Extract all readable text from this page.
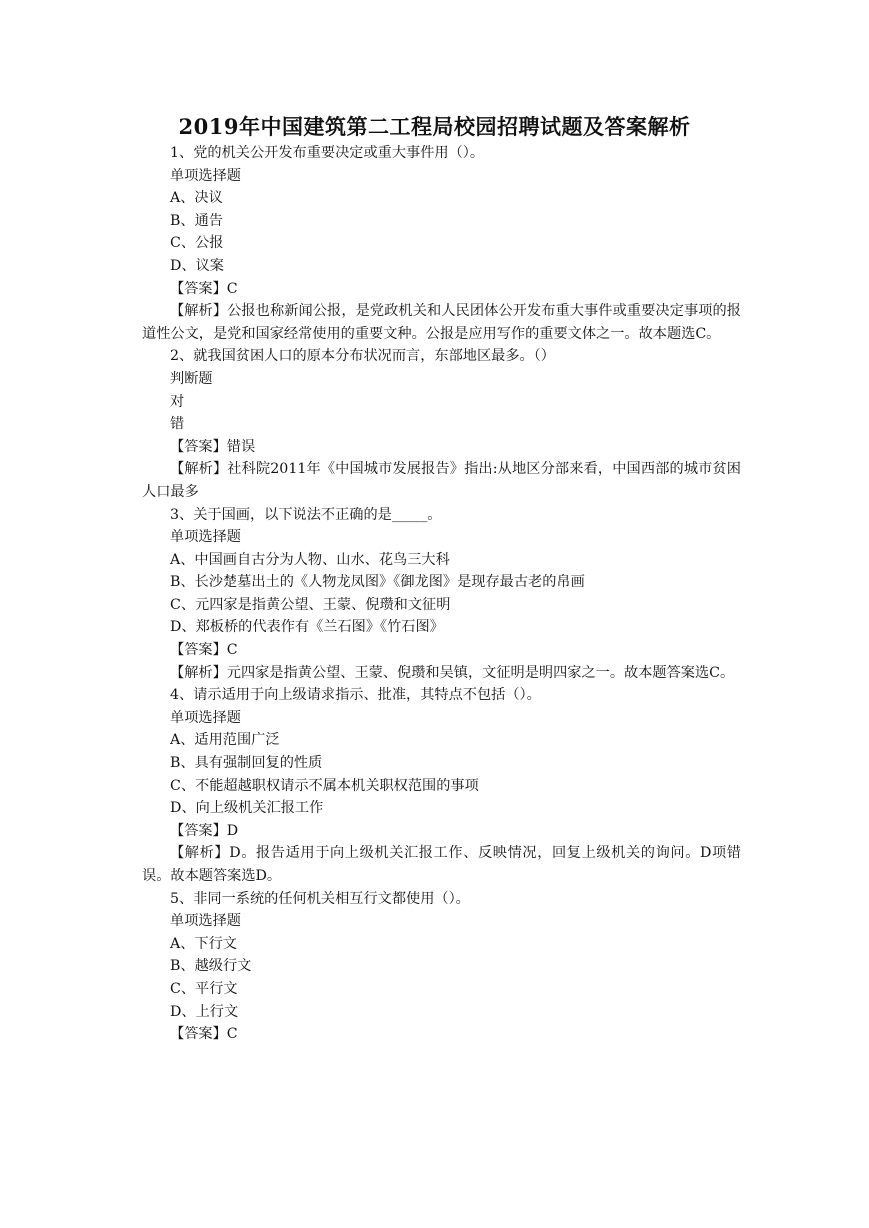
2019年中国建筑第二工程局校园招聘试题及答案解析

1、党的机关公开发布重要决定或重大事件用（）。

单项选择题

A、决议

B、通告

C、公报

D、议案

【答案】C

【解析】公报也称新闻公报，是党政机关和人民团体公开发布重大事件或重要决定事项的报道性公文，是党和国家经常使用的重要文种。公报是应用写作的重要文体之一。故本题选C。

2、就我国贫困人口的原本分布状况而言，东部地区最多。（）

判断题

对

错

【答案】错误

【解析】社科院2011年《中国城市发展报告》指出:从地区分部来看，中国西部的城市贫困人口最多

3、关于国画，以下说法不正确的是_____。

单项选择题

A、中国画自古分为人物、山水、花鸟三大科

B、长沙楚墓出土的《人物龙凤图》《御龙图》是现存最古老的帛画

C、元四家是指黄公望、王蒙、倪瓒和文征明

D、郑板桥的代表作有《兰石图》《竹石图》

【答案】C

【解析】元四家是指黄公望、王蒙、倪瓒和吴镇，文征明是明四家之一。故本题答案选C。

4、请示适用于向上级请求指示、批准，其特点不包括（）。

单项选择题

A、适用范围广泛

B、具有强制回复的性质

C、不能超越职权请示不属本机关职权范围的事项

D、向上级机关汇报工作

【答案】D

【解析】D。报告适用于向上级机关汇报工作、反映情况，回复上级机关的询问。D项错误。故本题答案选D。

5、非同一系统的任何机关相互行文都使用（）。

单项选择题

A、下行文

B、越级行文

C、平行文

D、上行文

【答案】C
